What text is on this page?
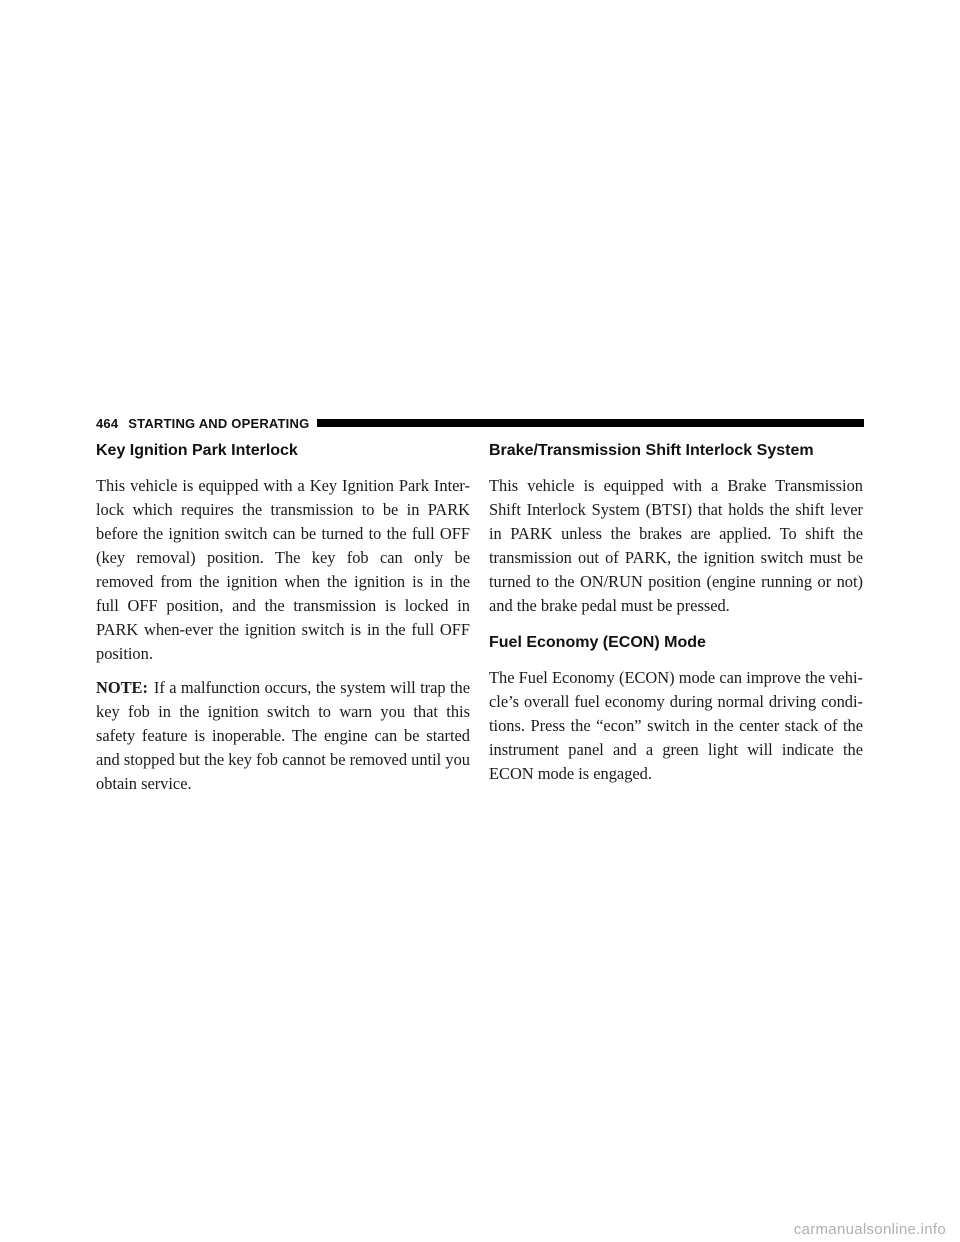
464 STARTING AND OPERATING
Key Ignition Park Interlock

This vehicle is equipped with a Key Ignition Park Inter-lock which requires the transmission to be in PARK before the ignition switch can be turned to the full OFF (key removal) position. The key fob can only be removed from the ignition when the ignition is in the full OFF position, and the transmission is locked in PARK when-ever the ignition switch is in the full OFF position.

NOTE: If a malfunction occurs, the system will trap the key fob in the ignition switch to warn you that this safety feature is inoperable. The engine can be started and stopped but the key fob cannot be removed until you obtain service.

Brake/Transmission Shift Interlock System

This vehicle is equipped with a Brake Transmission Shift Interlock System (BTSI) that holds the shift lever in PARK unless the brakes are applied. To shift the transmission out of PARK, the ignition switch must be turned to the ON/RUN position (engine running or not) and the brake pedal must be pressed.

Fuel Economy (ECON) Mode

The Fuel Economy (ECON) mode can improve the vehi-cle’s overall fuel economy during normal driving condi-tions. Press the “econ” switch in the center stack of the instrument panel and a green light will indicate the ECON mode is engaged.

carmanualsonline.info
